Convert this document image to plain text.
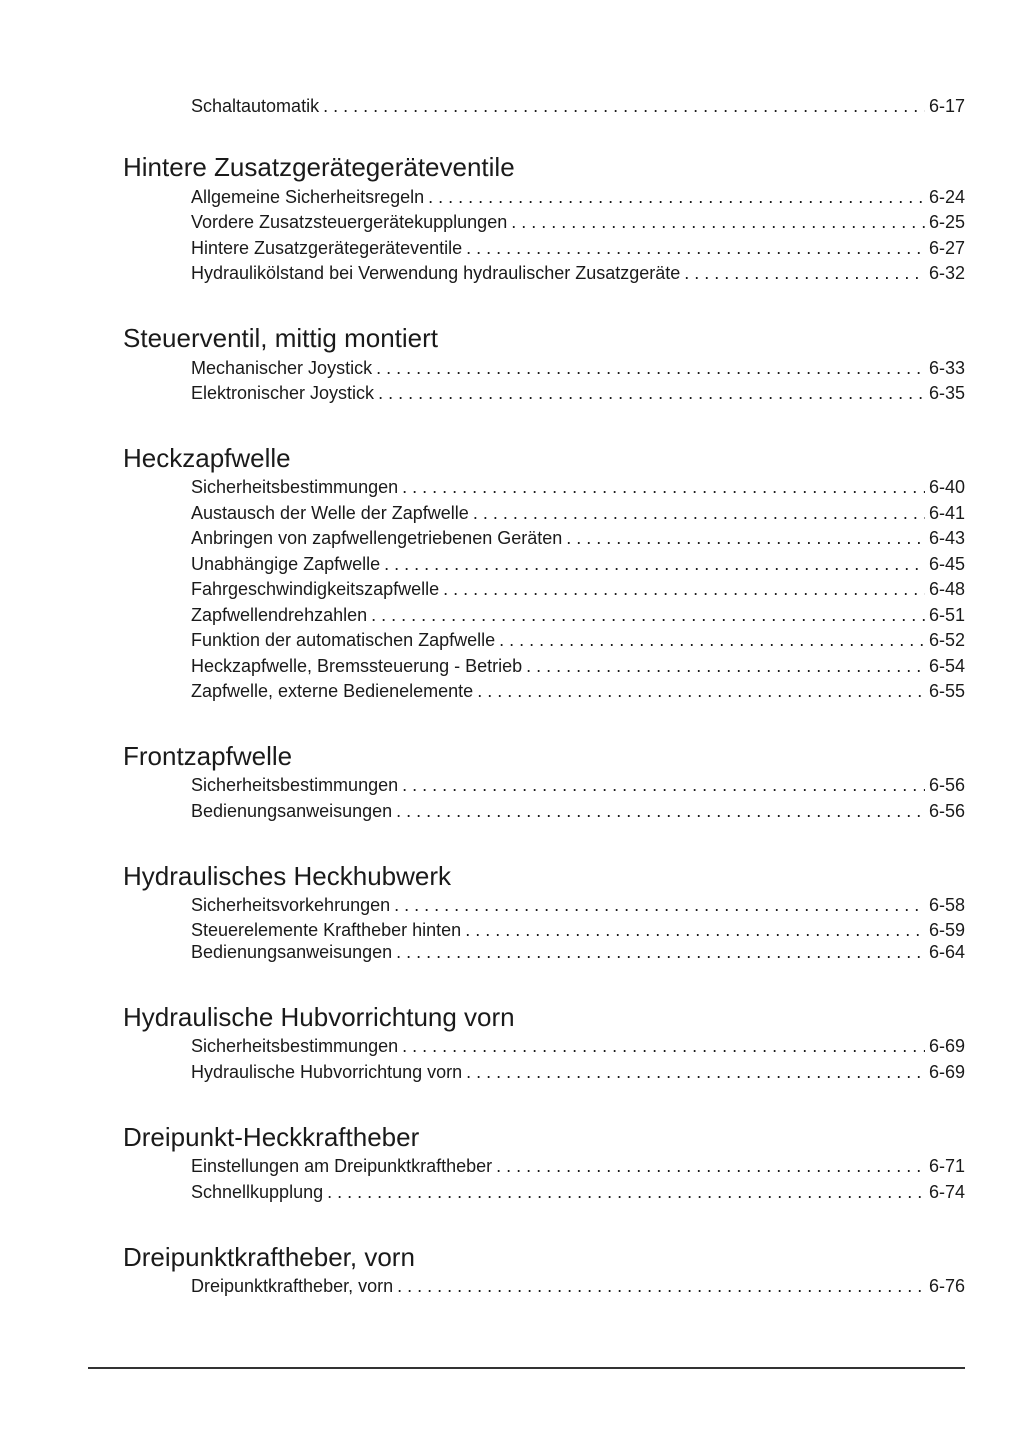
Schaltautomatik . . .	6-17
Hintere Zusatzgerätegeräteventile
Allgemeine Sicherheitsregeln . . .	6-24
Vordere Zusatzsteuergerätekupplungen . . .	6-25
Hintere Zusatzgerätegeräteventile . . .	6-27
Hydraulikölstand bei Verwendung hydraulischer Zusatzgeräte . . .	6-32
Steuerventil, mittig montiert
Mechanischer Joystick . . .	6-33
Elektronischer Joystick . . .	6-35
Heckzapfwelle
Sicherheitsbestimmungen . . .	6-40
Austausch der Welle der Zapfwelle . . .	6-41
Anbringen von zapfwellengetriebenen Geräten . . .	6-43
Unabhängige Zapfwelle . . .	6-45
Fahrgeschwindigkeitszapfwelle . . .	6-48
Zapfwellendrehzahlen . . .	6-51
Funktion der automatischen Zapfwelle . . .	6-52
Heckzapfwelle, Bremssteuerung - Betrieb . . .	6-54
Zapfwelle, externe Bedienelemente . . .	6-55
Frontzapfwelle
Sicherheitsbestimmungen . . .	6-56
Bedienungsanweisungen . . .	6-56
Hydraulisches Heckhubwerk
Sicherheitsvorkehrungen . . .	6-58
Steuerelemente Kraftheber hinten . . .	6-59
Bedienungsanweisungen . . .	6-64
Hydraulische Hubvorrichtung vorn
Sicherheitsbestimmungen . . .	6-69
Hydraulische Hubvorrichtung vorn . . .	6-69
Dreipunkt-Heckkraftheber
Einstellungen am Dreipunktkraftheber . . .	6-71
Schnellkupplung . . .	6-74
Dreipunktkraftheber, vorn
Dreipunktkraftheber, vorn . . .	6-76
